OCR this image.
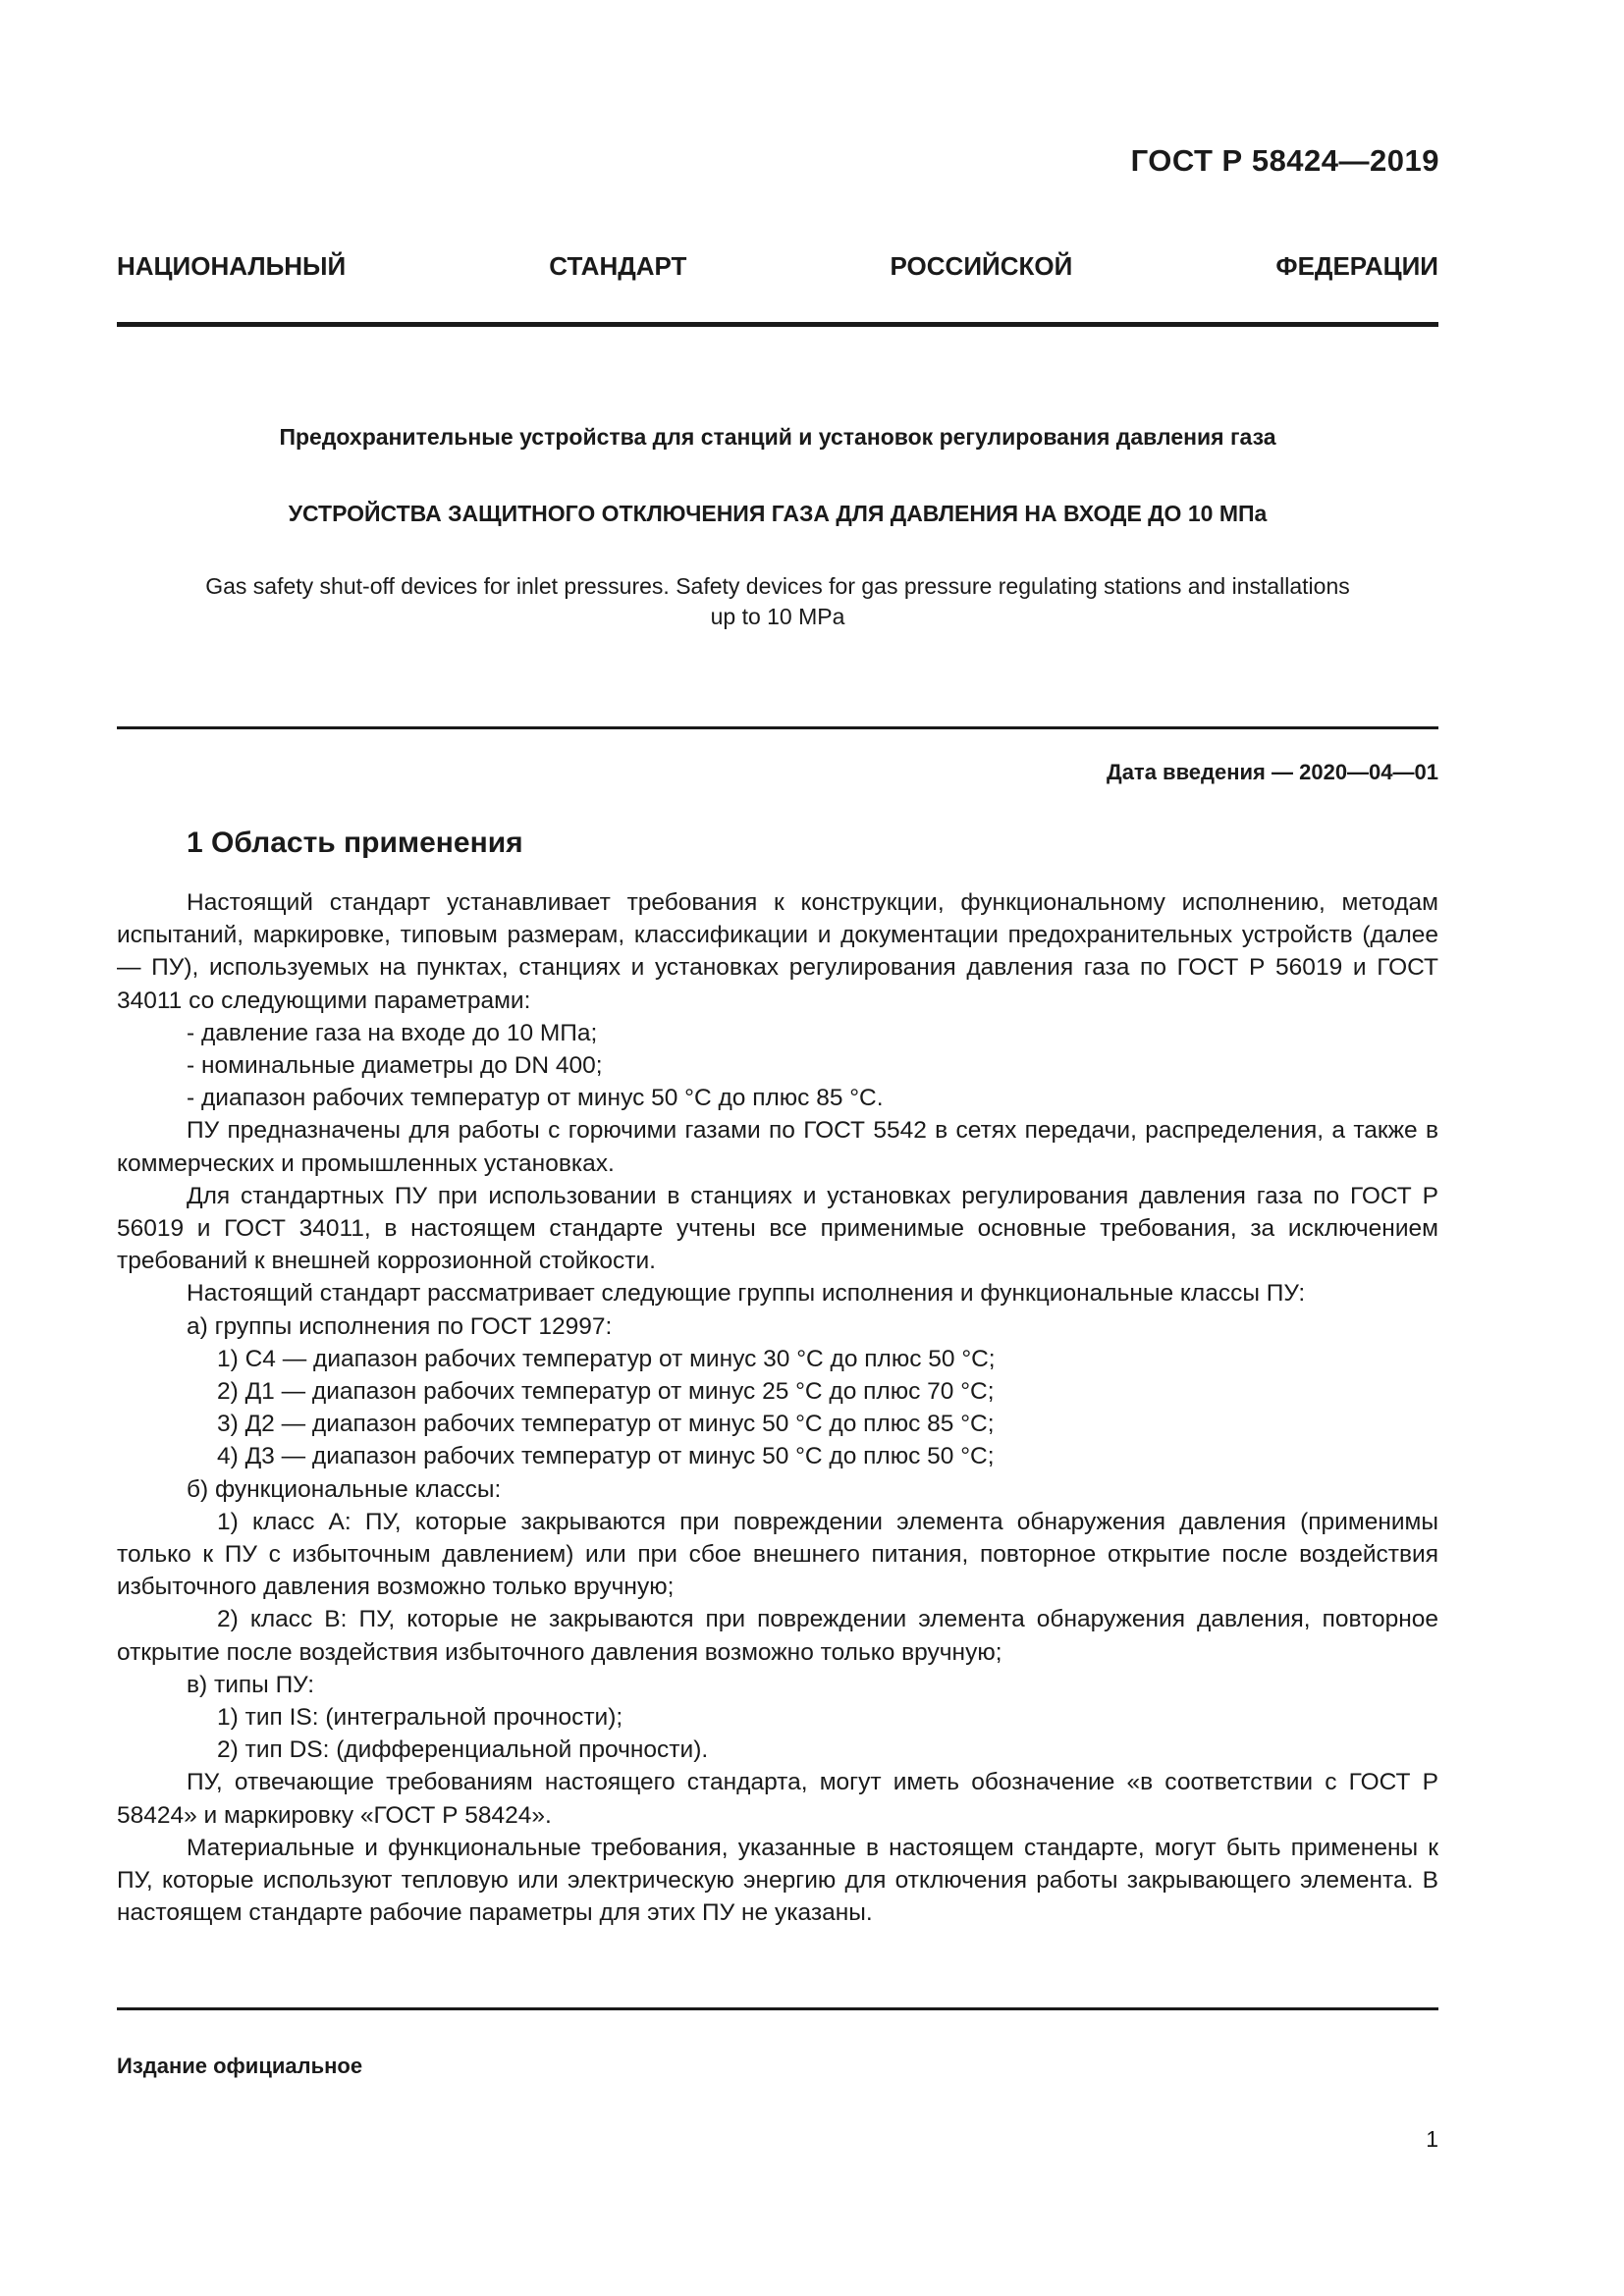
ГОСТ Р 58424—2019
НАЦИОНАЛЬНЫЙ СТАНДАРТ РОССИЙСКОЙ ФЕДЕРАЦИИ
Предохранительные устройства для станций и установок регулирования давления газа
УСТРОЙСТВА ЗАЩИТНОГО ОТКЛЮЧЕНИЯ ГАЗА ДЛЯ ДАВЛЕНИЯ НА ВХОДЕ ДО 10 МПа
Gas safety shut-off devices for inlet pressures. Safety devices for gas pressure regulating stations and installations
up to 10 MPa
Дата введения — 2020—04—01
1 Область применения

Настоящий стандарт устанавливает требования к конструкции, функциональному исполнению, методам испытаний, маркировке, типовым размерам, классификации и документации предохранительных устройств (далее — ПУ), используемых на пунктах, станциях и установках регулирования давления газа по ГОСТ Р 56019 и ГОСТ 34011 со следующими параметрами:

- давление газа на входе до 10 МПа;

- номинальные диаметры до DN 400;

- диапазон рабочих температур от минус 50 °С до плюс 85 °С.

ПУ предназначены для работы с горючими газами по ГОСТ 5542 в сетях передачи, распределения, а также в коммерческих и промышленных установках.

Для стандартных ПУ при использовании в станциях и установках регулирования давления газа по ГОСТ Р 56019 и ГОСТ 34011, в настоящем стандарте учтены все применимые основные требования, за исключением требований к внешней коррозионной стойкости.

Настоящий стандарт рассматривает следующие группы исполнения и функциональные классы ПУ:

а) группы исполнения по ГОСТ 12997:

1) С4 — диапазон рабочих температур от минус 30 °С до плюс 50 °С;

2) Д1 — диапазон рабочих температур от минус 25 °С до плюс 70 °С;

3) Д2 — диапазон рабочих температур от минус 50 °С до плюс 85 °С;

4) Д3 — диапазон рабочих температур от минус 50 °С до плюс 50 °С;

б) функциональные классы:

1) класс А: ПУ, которые закрываются при повреждении элемента обнаружения давления (применимы только к ПУ с избыточным давлением) или при сбое внешнего питания, повторное открытие после воздействия избыточного давления возможно только вручную;

2) класс В: ПУ, которые не закрываются при повреждении элемента обнаружения давления, повторное открытие после воздействия избыточного давления возможно только вручную;

в) типы ПУ:

1) тип IS: (интегральной прочности);

2) тип DS: (дифференциальной прочности).

ПУ, отвечающие требованиям настоящего стандарта, могут иметь обозначение «в соответствии с ГОСТ Р 58424» и маркировку «ГОСТ Р 58424».

Материальные и функциональные требования, указанные в настоящем стандарте, могут быть применены к ПУ, которые используют тепловую или электрическую энергию для отключения работы закрывающего элемента. В настоящем стандарте рабочие параметры для этих ПУ не указаны.

Издание официальное
1
